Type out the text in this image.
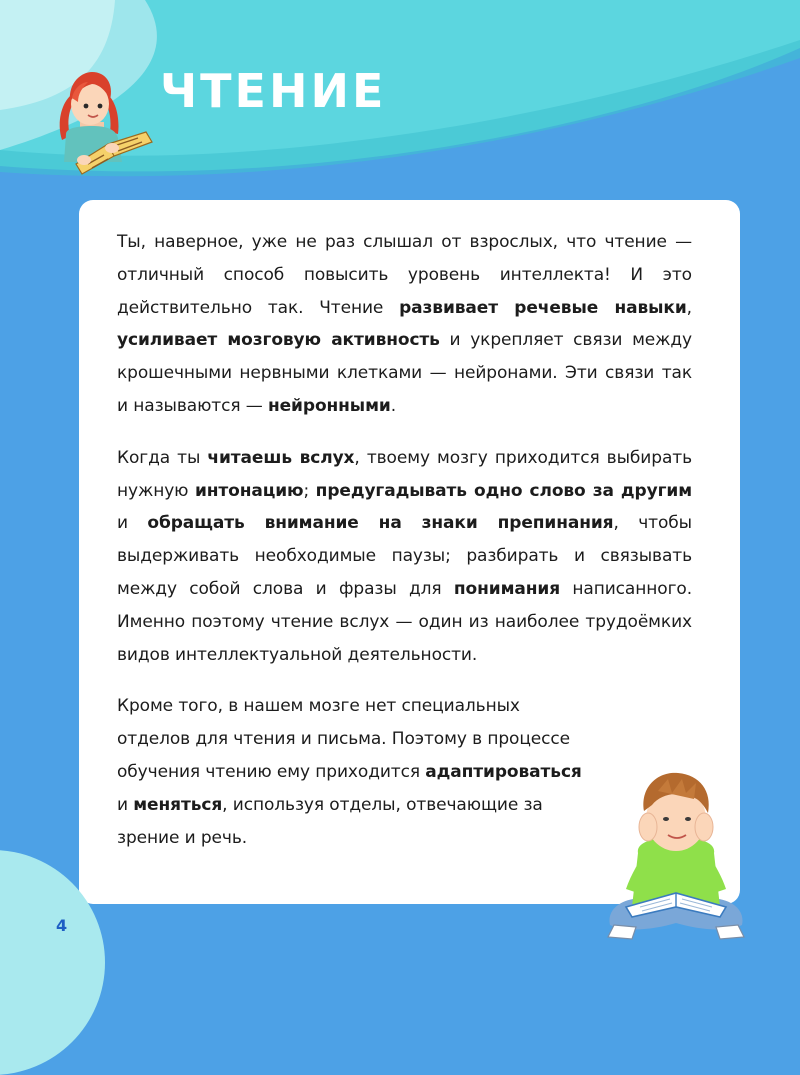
ЧТЕНИЕ

Ты, наверное, уже не раз слышал от взрослых, что чтение — отличный способ повысить уровень интеллекта! И это действительно так. Чтение развивает речевые навыки, усиливает мозговую активность и укрепляет связи между крошечными нервными клетками — нейронами. Эти связи так и называются — нейронными.

Когда ты читаешь вслух, твоему мозгу приходится выбирать нужную интонацию; предугадывать одно слово за другим и обращать внимание на знаки препинания, чтобы выдерживать необходимые паузы; разбирать и связывать между собой слова и фразы для понимания написанного. Именно поэтому чтение вслух — один из наиболее трудоёмких видов интеллектуальной деятельности.

Кроме того, в нашем мозге нет специальных отделов для чтения и письма. Поэтому в процессе обучения чтению ему приходится адаптироваться и меняться, используя отделы, отвечающие за зрение и речь.

4
